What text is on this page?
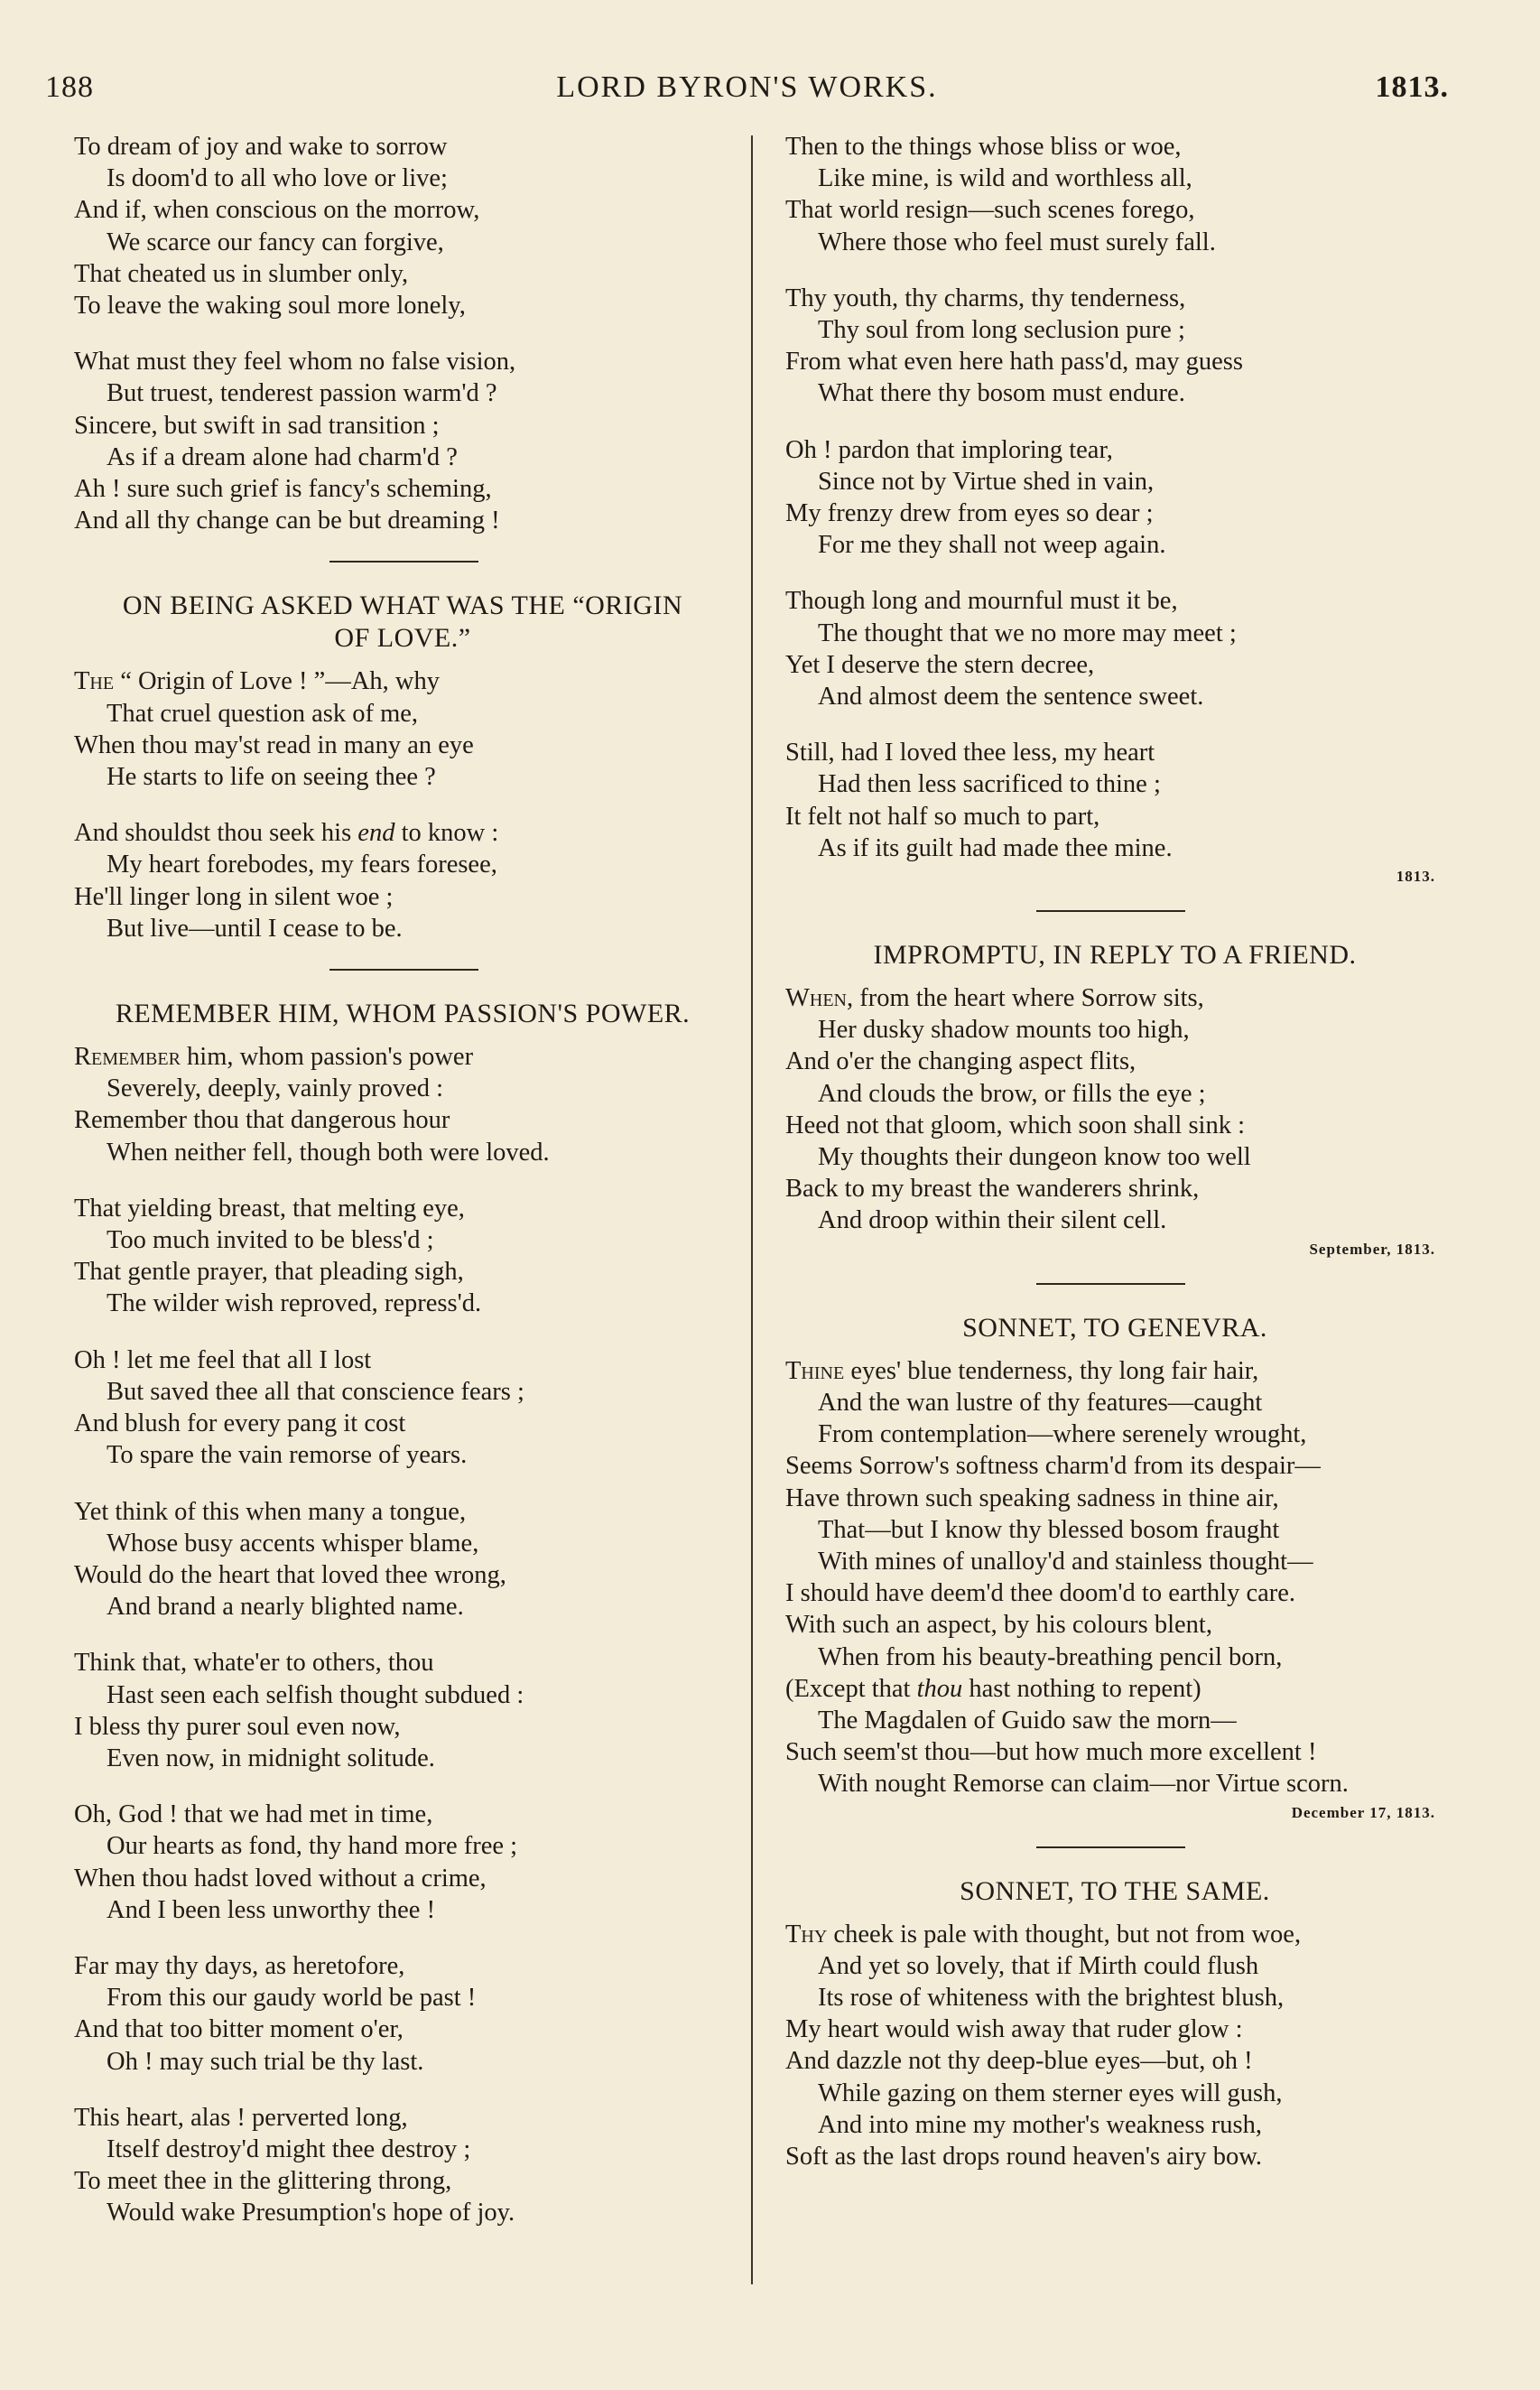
188	LORD BYRON'S WORKS.	1813.
To dream of joy and wake to sorrow
Is doom'd to all who love or live;
And if, when conscious on the morrow,
We scarce our fancy can forgive,
That cheated us in slumber only,
To leave the waking soul more lonely,
What must they feel whom no false vision,
But truest, tenderest passion warm'd ?
Sincere, but swift in sad transition ;
As if a dream alone had charm'd ?
Ah ! sure such grief is fancy's scheming,
And all thy change can be but dreaming !
ON BEING ASKED WHAT WAS THE “ORIGIN
OF LOVE.”
The “ Origin of Love ! ”—Ah, why
That cruel question ask of me,
When thou may'st read in many an eye
He starts to life on seeing thee ?
And shouldst thou seek his end to know :
My heart forebodes, my fears foresee,
He'll linger long in silent woe ;
But live—until I cease to be.
REMEMBER HIM, WHOM PASSION'S POWER.
Remember him, whom passion's power
Severely, deeply, vainly proved :
Remember thou that dangerous hour
When neither fell, though both were loved.
That yielding breast, that melting eye,
Too much invited to be bless'd ;
That gentle prayer, that pleading sigh,
The wilder wish reproved, repress'd.
Oh ! let me feel that all I lost
But saved thee all that conscience fears ;
And blush for every pang it cost
To spare the vain remorse of years.
Yet think of this when many a tongue,
Whose busy accents whisper blame,
Would do the heart that loved thee wrong,
And brand a nearly blighted name.
Think that, whate'er to others, thou
Hast seen each selfish thought subdued :
I bless thy purer soul even now,
Even now, in midnight solitude.
Oh, God ! that we had met in time,
Our hearts as fond, thy hand more free ;
When thou hadst loved without a crime,
And I been less unworthy thee !
Far may thy days, as heretofore,
From this our gaudy world be past !
And that too bitter moment o'er,
Oh ! may such trial be thy last.
This heart, alas ! perverted long,
Itself destroy'd might thee destroy ;
To meet thee in the glittering throng,
Would wake Presumption's hope of joy.
Then to the things whose bliss or woe,
Like mine, is wild and worthless all,
That world resign—such scenes forego,
Where those who feel must surely fall.
Thy youth, thy charms, thy tenderness,
Thy soul from long seclusion pure ;
From what even here hath pass'd, may guess
What there thy bosom must endure.
Oh ! pardon that imploring tear,
Since not by Virtue shed in vain,
My frenzy drew from eyes so dear ;
For me they shall not weep again.
Though long and mournful must it be,
The thought that we no more may meet ;
Yet I deserve the stern decree,
And almost deem the sentence sweet.
Still, had I loved thee less, my heart
Had then less sacrificed to thine ;
It felt not half so much to part,
As if its guilt had made thee mine.
1813.
IMPROMPTU, IN REPLY TO A FRIEND.
When, from the heart where Sorrow sits,
Her dusky shadow mounts too high,
And o'er the changing aspect flits,
And clouds the brow, or fills the eye ;
Heed not that gloom, which soon shall sink :
My thoughts their dungeon know too well
Back to my breast the wanderers shrink,
And droop within their silent cell.
September, 1813.
SONNET, TO GENEVRA.
Thine eyes' blue tenderness, thy long fair hair,
And the wan lustre of thy features—caught
From contemplation—where serenely wrought,
Seems Sorrow's softness charm'd from its despair—
Have thrown such speaking sadness in thine air,
That—but I know thy blessed bosom fraught
With mines of unalloy'd and stainless thought—
I should have deem'd thee doom'd to earthly care.
With such an aspect, by his colours blent,
When from his beauty-breathing pencil born,
(Except that thou hast nothing to repent)
The Magdalen of Guido saw the morn—
Such seem'st thou—but how much more excellent !
With nought Remorse can claim—nor Virtue scorn.
December 17, 1813.
SONNET, TO THE SAME.
Thy cheek is pale with thought, but not from woe,
And yet so lovely, that if Mirth could flush
Its rose of whiteness with the brightest blush,
My heart would wish away that ruder glow :
And dazzle not thy deep-blue eyes—but, oh !
While gazing on them sterner eyes will gush,
And into mine my mother's weakness rush,
Soft as the last drops round heaven's airy bow.
